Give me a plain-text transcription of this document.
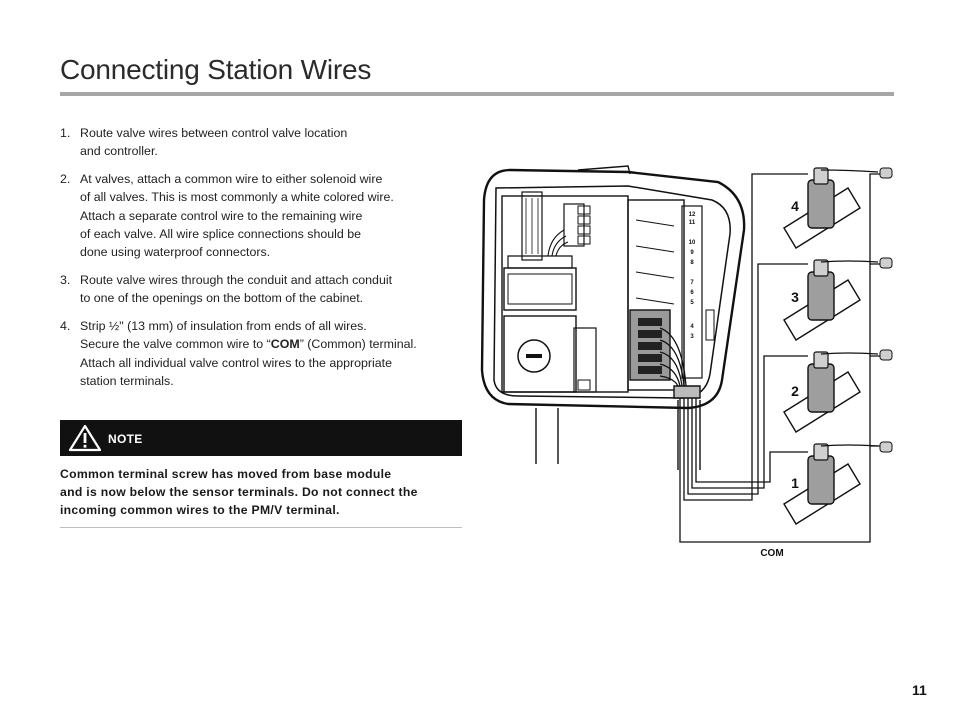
Connecting Station Wires
1. Route valve wires between control valve location
and controller.
2. At valves, attach a common wire to either solenoid wire
of all valves. This is most commonly a white colored wire.
Attach a separate control wire to the remaining wire
of each valve. All wire splice connections should be
done using waterproof connectors.
3. Route valve wires through the conduit and attach conduit
to one of the openings on the bottom of the cabinet.
4. Strip ½" (13 mm) of insulation from ends of all wires.
Secure the valve common wire to “COM” (Common) terminal.
Attach all individual valve control wires to the appropriate
station terminals.
NOTE
Common terminal screw has moved from base module
and is now below the sensor terminals. Do not connect the
incoming common wires to the PM/V terminal.
12
11
10
9
8
7
6
5
4
3
4
3
2
1
COM
11
